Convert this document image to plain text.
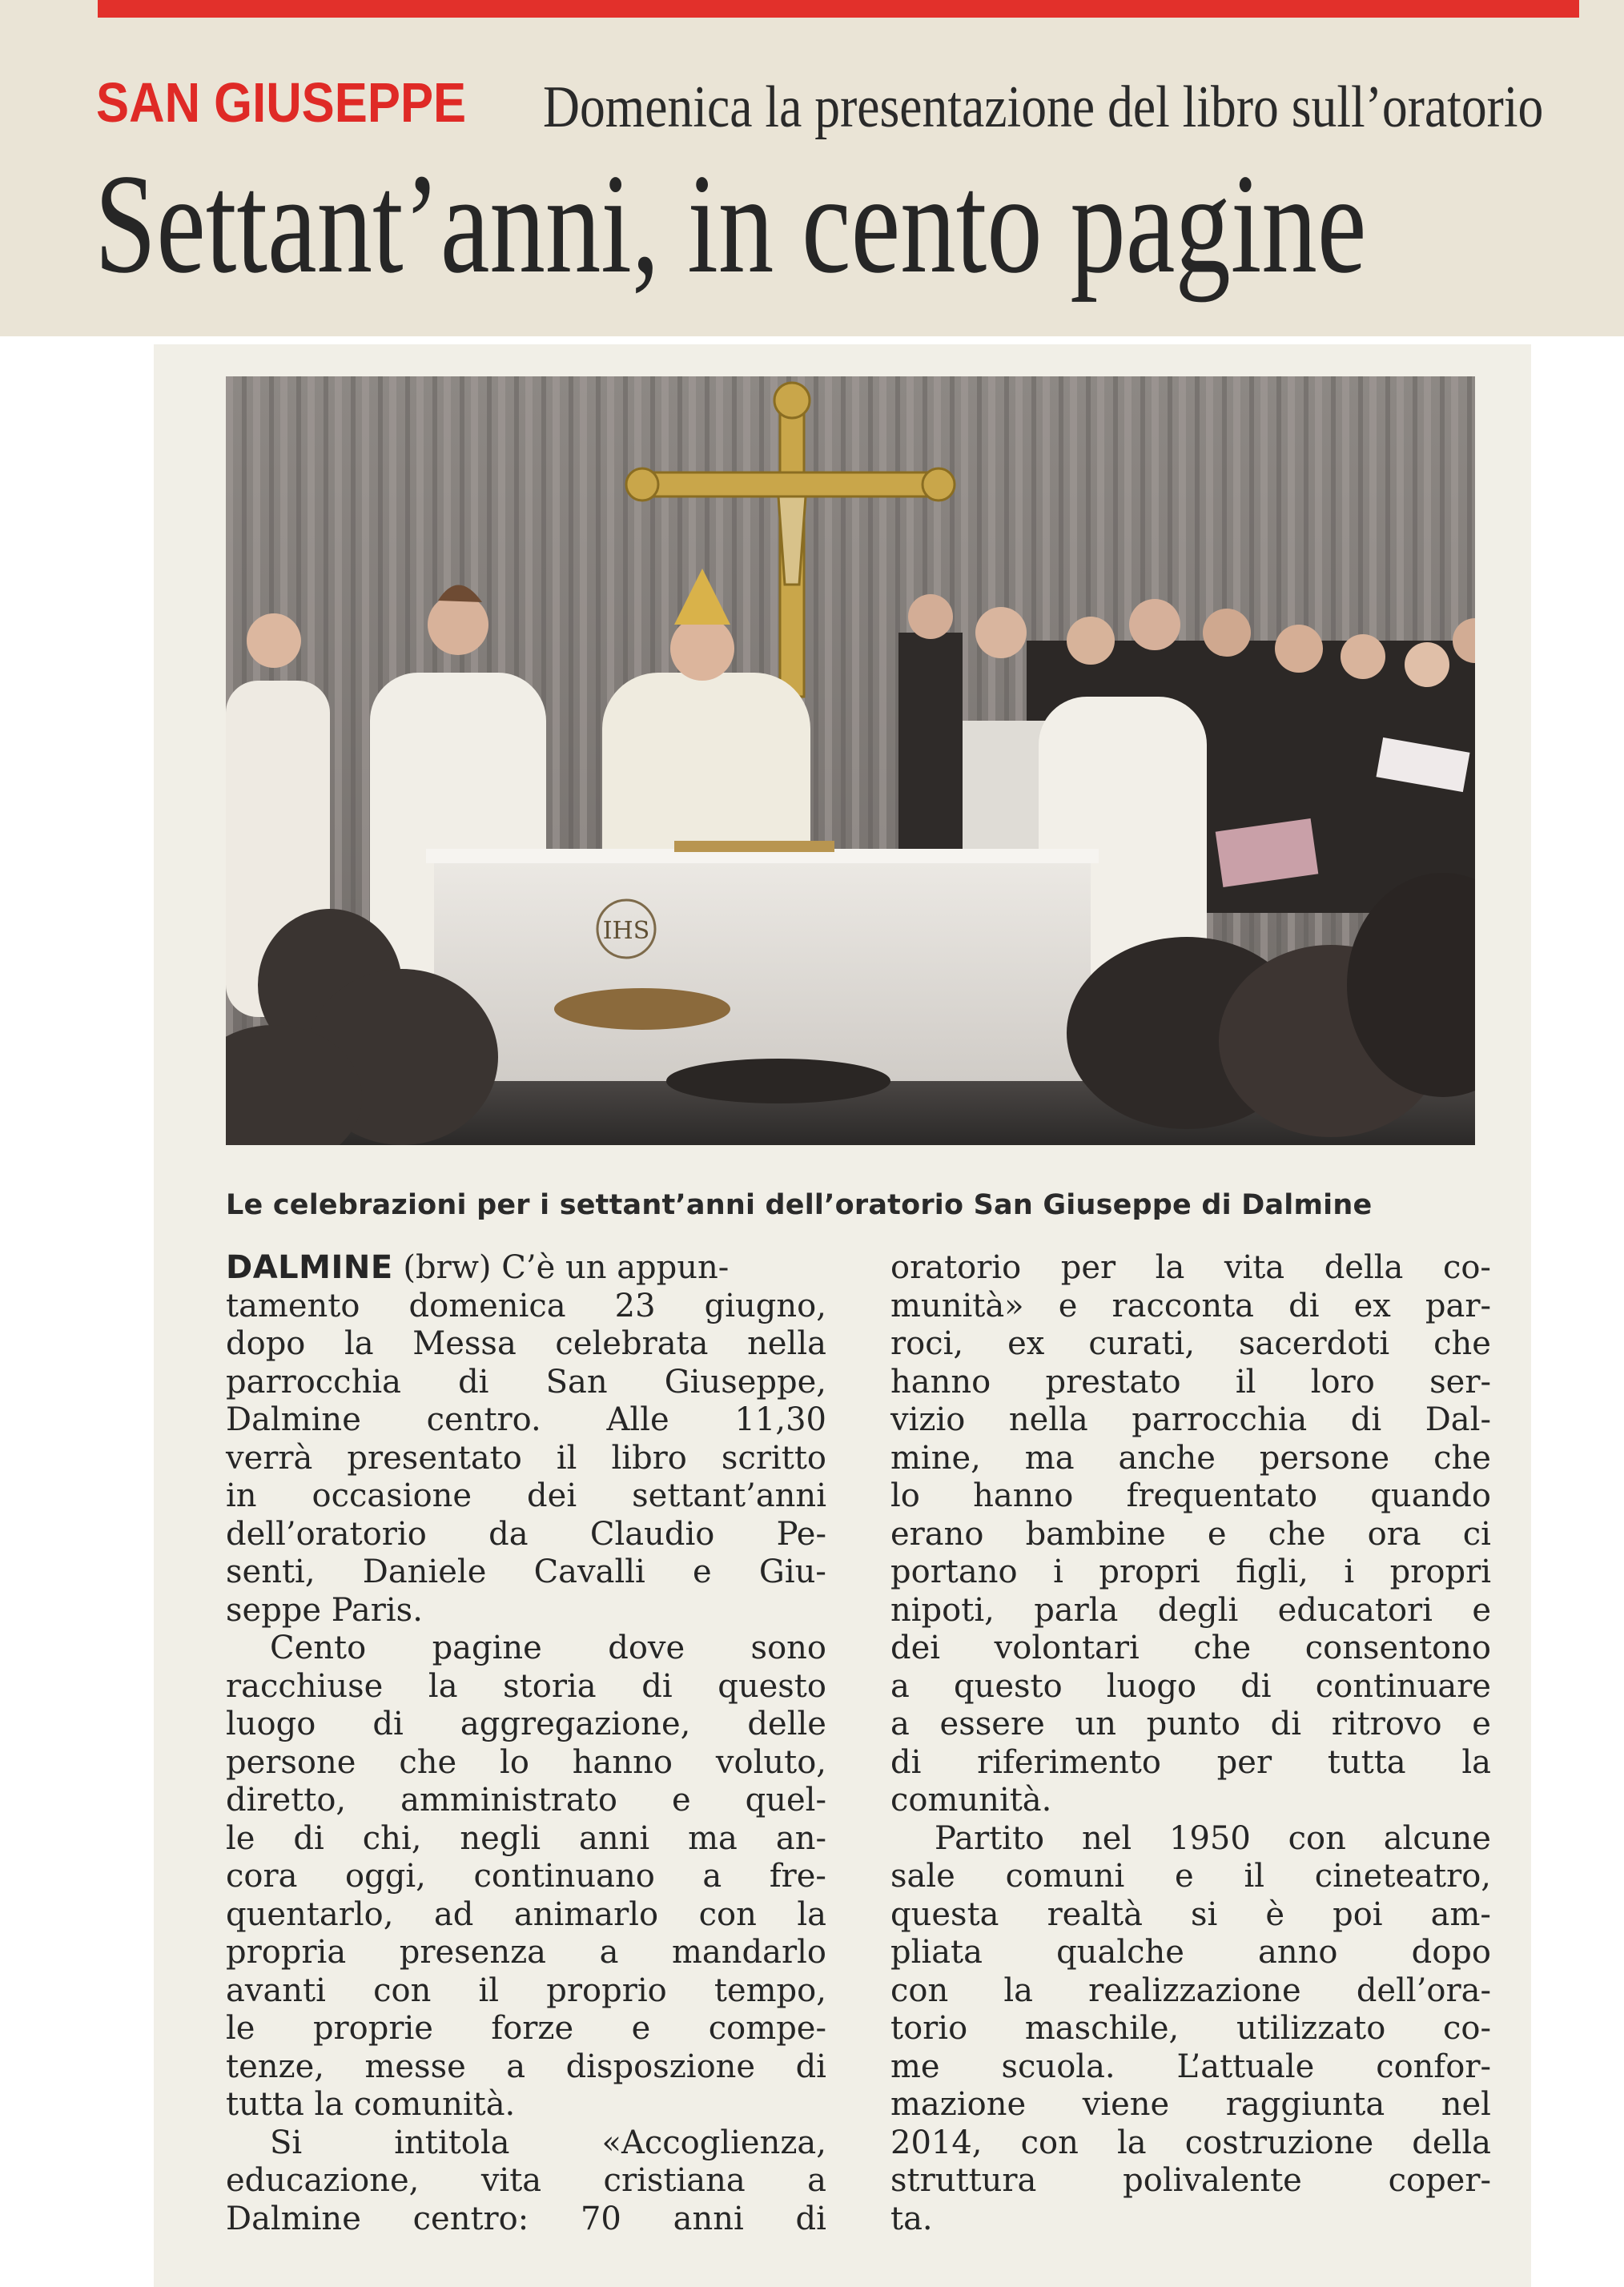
SAN GIUSEPPE Domenica la presentazione del libro sull’oratorio
Settant’anni, in cento pagine
IHS
Le celebrazioni per i settant’anni dell’oratorio San Giuseppe di Dalmine
DALMINE (brw) C’è un appun-
tamento domenica 23 giugno,
dopo la Messa celebrata nella
parrocchia di San Giuseppe,
Dalmine centro. Alle 11,30
verrà presentato il libro scritto
in occasione dei settant’anni
dell’oratorio da Claudio Pe-
senti, Daniele Cavalli e Giu-
seppe Paris.
Cento pagine dove sono
racchiuse la storia di questo
luogo di aggregazione, delle
persone che lo hanno voluto,
diretto, amministrato e quel-
le di chi, negli anni ma an-
cora oggi, continuano a fre-
quentarlo, ad animarlo con la
propria presenza a mandarlo
avanti con il proprio tempo,
le proprie forze e compe-
tenze, messe a disposzione di
tutta la comunità.
Si	intitola	«Accoglienza,
educazione, vita cristiana a
Dalmine centro: 70 anni di
oratorio per la vita della co-
munità» e racconta di ex par-
roci, ex curati, sacerdoti che
hanno prestato il loro ser-
vizio nella parrocchia di Dal-
mine, ma anche persone che
lo hanno frequentato quando
erano bambine e che ora ci
portano i propri figli, i propri
nipoti, parla degli educatori e
dei volontari che consentono
a questo luogo di continuare
a essere un punto di ritrovo e
di riferimento per tutta la
comunità.
Partito nel 1950 con alcune
sale comuni e il cineteatro,
questa realtà si è poi am-
pliata qualche anno dopo
con la realizzazione dell’ora-
torio maschile, utilizzato co-
me scuola. L’attuale confor-
mazione viene raggiunta nel
2014, con la costruzione della
struttura	polivalente	coper-
ta.
